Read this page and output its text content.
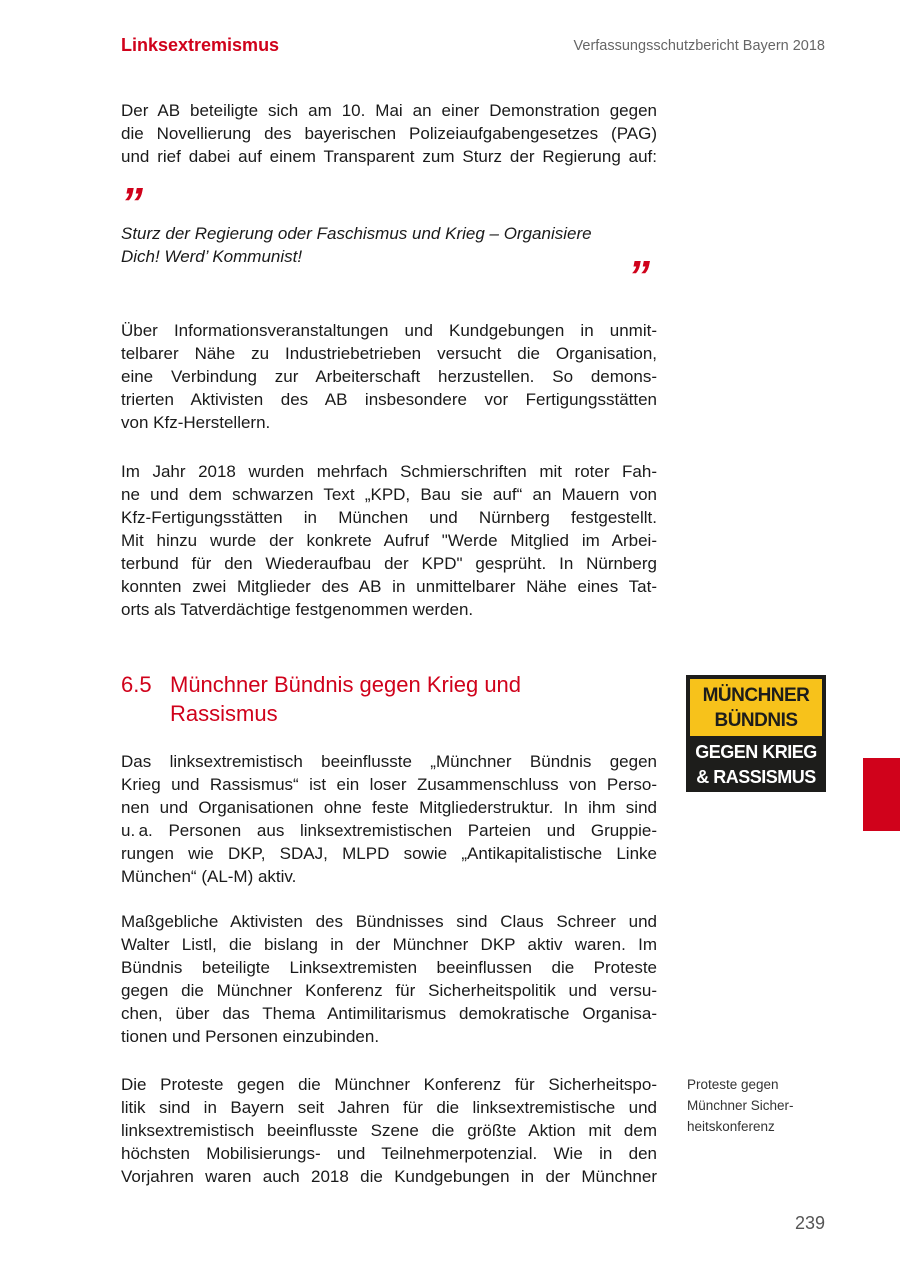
Linksextremismus	Verfassungsschutzbericht Bayern 2018
Der AB beteiligte sich am 10. Mai an einer Demonstration gegen
die Novellierung des bayerischen Polizeiaufgabengesetzes (PAG)
und rief dabei auf einem Transparent zum Sturz der Regierung auf:
”
Sturz der Regierung oder Faschismus und Krieg – Organisiere
Dich! Werd’ Kommunist!	”
Über Informationsveranstaltungen und Kundgebungen in unmit-
telbarer Nähe zu Industriebetrieben versucht die Organisation,
eine Verbindung zur Arbeiterschaft herzustellen. So demons-
trierten Aktivisten des AB insbesondere vor Fertigungsstätten
von Kfz-Herstellern.
Im Jahr 2018 wurden mehrfach Schmierschriften mit roter Fah-
ne und dem schwarzen Text „KPD, Bau sie auf“ an Mauern von
Kfz-Fertigungsstätten in München und Nürnberg festgestellt.
Mit hinzu wurde der konkrete Aufruf "Werde Mitglied im Arbei-
terbund für den Wiederaufbau der KPD" gesprüht. In Nürnberg
konnten zwei Mitglieder des AB in unmittelbarer Nähe eines Tat-
orts als Tatverdächtige festgenommen werden.
6.5 Münchner Bündnis gegen Krieg und
Rassismus
MÜNCHNER
BÜNDNIS
GEGEN KRIEG
& RASSISMUS
Das linksextremistisch beeinflusste „Münchner Bündnis gegen
Krieg und Rassismus“ ist ein loser Zusammenschluss von Perso-
nen und Organisationen ohne feste Mitgliederstruktur. In ihm sind
u. a. Personen aus linksextremistischen Parteien und Gruppie-
rungen wie DKP, SDAJ, MLPD sowie „Antikapitalistische Linke
München“ (AL-M) aktiv.
Maßgebliche Aktivisten des Bündnisses sind Claus Schreer und
Walter Listl, die bislang in der Münchner DKP aktiv waren. Im
Bündnis beteiligte Linksextremisten beeinflussen die Proteste
gegen die Münchner Konferenz für Sicherheitspolitik und versu-
chen, über das Thema Antimilitarismus demokratische Organisa-
tionen und Personen einzubinden.
Die Proteste gegen die Münchner Konferenz für Sicherheitspo-
litik sind in Bayern seit Jahren für die linksextremistische und
linksextremistisch beeinflusste Szene die größte Aktion mit dem
höchsten Mobilisierungs- und Teilnehmerpotenzial. Wie in den
Vorjahren waren auch 2018 die Kundgebungen in der Münchner
Proteste gegen
Münchner Sicher-
heitskonferenz
239
